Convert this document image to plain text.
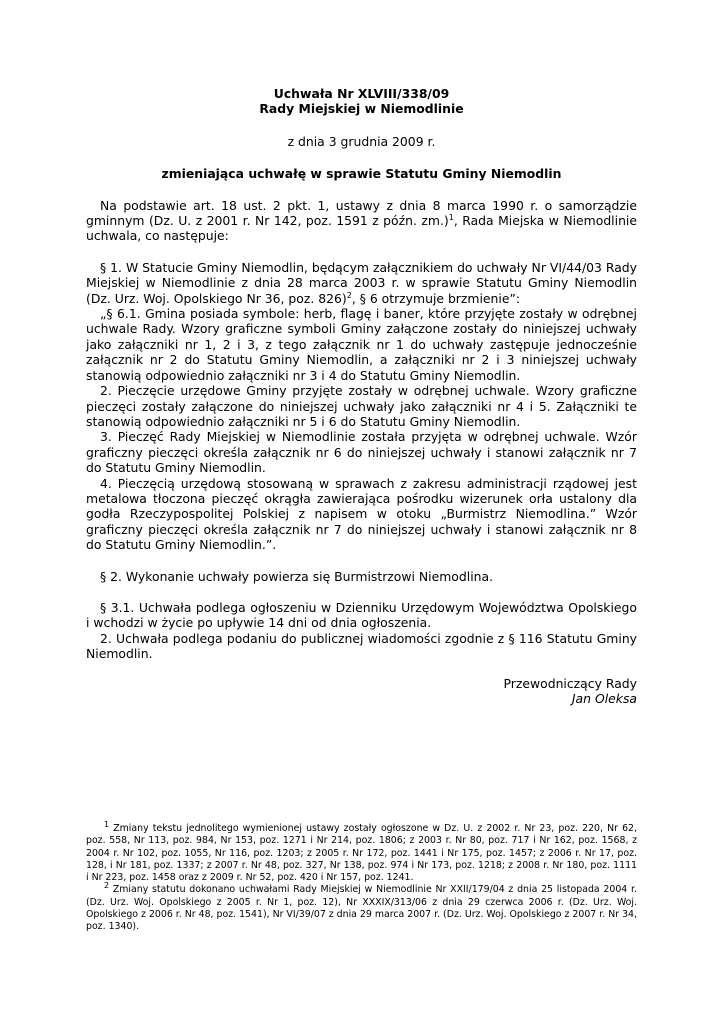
Uchwała Nr XLVIII/338/09
Rady Miejskiej w Niemodlinie
z dnia 3 grudnia 2009 r.
zmieniająca uchwałę w sprawie Statutu Gminy Niemodlin

Na podstawie art. 18 ust. 2 pkt. 1, ustawy z dnia 8 marca 1990 r. o samorządzie gminnym (Dz. U. z 2001 r. Nr 142, poz. 1591 z późn. zm.)$^1$, Rada Miejska w Niemodlinie uchwala, co następuje:

§ 1. W Statucie Gminy Niemodlin, będącym załącznikiem do uchwały Nr VI/44/03 Rady Miejskiej w Niemodlinie z dnia 28 marca 2003 r. w sprawie Statutu Gminy Niemodlin (Dz. Urz. Woj. Opolskiego Nr 36, poz. 826)$^2$, § 6 otrzymuje brzmienie”:

„§ 6.1. Gmina posiada symbole: herb, flagę i baner, które przyjęte zostały w odrębnej uchwale Rady. Wzory graficzne symboli Gminy załączone zostały do niniejszej uchwały jako załączniki nr 1, 2 i 3, z tego załącznik nr 1 do uchwały zastępuje jednocześnie załącznik nr 2 do Statutu Gminy Niemodlin, a załączniki nr 2 i 3 niniejszej uchwały stanowią odpowiednio załączniki nr 3 i 4 do Statutu Gminy Niemodlin.

2. Pieczęcie urzędowe Gminy przyjęte zostały w odrębnej uchwale. Wzory graficzne pieczęci zostały załączone do niniejszej uchwały jako załączniki nr 4 i 5. Załączniki te stanowią odpowiednio załączniki nr 5 i 6 do Statutu Gminy Niemodlin.

3. Pieczęć Rady Miejskiej w Niemodlinie została przyjęta w odrębnej uchwale. Wzór graficzny pieczęci określa załącznik nr 6 do niniejszej uchwały i stanowi załącznik nr 7 do Statutu Gminy Niemodlin.

4. Pieczęcią urzędową stosowaną w sprawach z zakresu administracji rządowej jest metalowa tłoczona pieczęć okrągła zawierająca pośrodku wizerunek orła ustalony dla godła Rzeczypospolitej Polskiej z napisem w otoku „Burmistrz Niemodlina.” Wzór graficzny pieczęci określa załącznik nr 7 do niniejszej uchwały i stanowi załącznik nr 8 do Statutu Gminy Niemodlin.”.

§ 2. Wykonanie uchwały powierza się Burmistrzowi Niemodlina.

§ 3.1. Uchwała podlega ogłoszeniu w Dzienniku Urzędowym Województwa Opolskiego i wchodzi w życie po upływie 14 dni od dnia ogłoszenia.

2. Uchwała podlega podaniu do publicznej wiadomości zgodnie z § 116 Statutu Gminy Niemodlin.

Przewodniczący Rady
Jan Oleksa

$^1$ Zmiany tekstu jednolitego wymienionej ustawy zostały ogłoszone w Dz. U. z 2002 r. Nr 23, poz. 220, Nr 62, poz. 558, Nr 113, poz. 984, Nr 153, poz. 1271 i Nr 214, poz. 1806; z 2003 r. Nr 80, poz. 717 i Nr 162, poz. 1568, z 2004 r. Nr 102, poz. 1055, Nr 116, poz. 1203; z 2005 r. Nr 172, poz. 1441 i Nr 175, poz. 1457; z 2006 r. Nr 17, poz. 128, i Nr 181, poz. 1337; z 2007 r. Nr 48, poz. 327, Nr 138, poz. 974 i Nr 173, poz. 1218; z 2008 r. Nr 180, poz. 1111 i Nr 223, poz. 1458 oraz z 2009 r. Nr 52, poz. 420 i Nr 157, poz. 1241.

$^2$ Zmiany statutu dokonano uchwałami Rady Miejskiej w Niemodlinie Nr XXII/179/04 z dnia 25 listopada 2004 r. (Dz. Urz. Woj. Opolskiego z 2005 r. Nr 1, poz. 12), Nr XXXIX/313/06 z dnia 29 czerwca 2006 r. (Dz. Urz. Woj. Opolskiego z 2006 r. Nr 48, poz. 1541), Nr VI/39/07 z dnia 29 marca 2007 r. (Dz. Urz. Woj. Opolskiego z 2007 r. Nr 34, poz. 1340).
